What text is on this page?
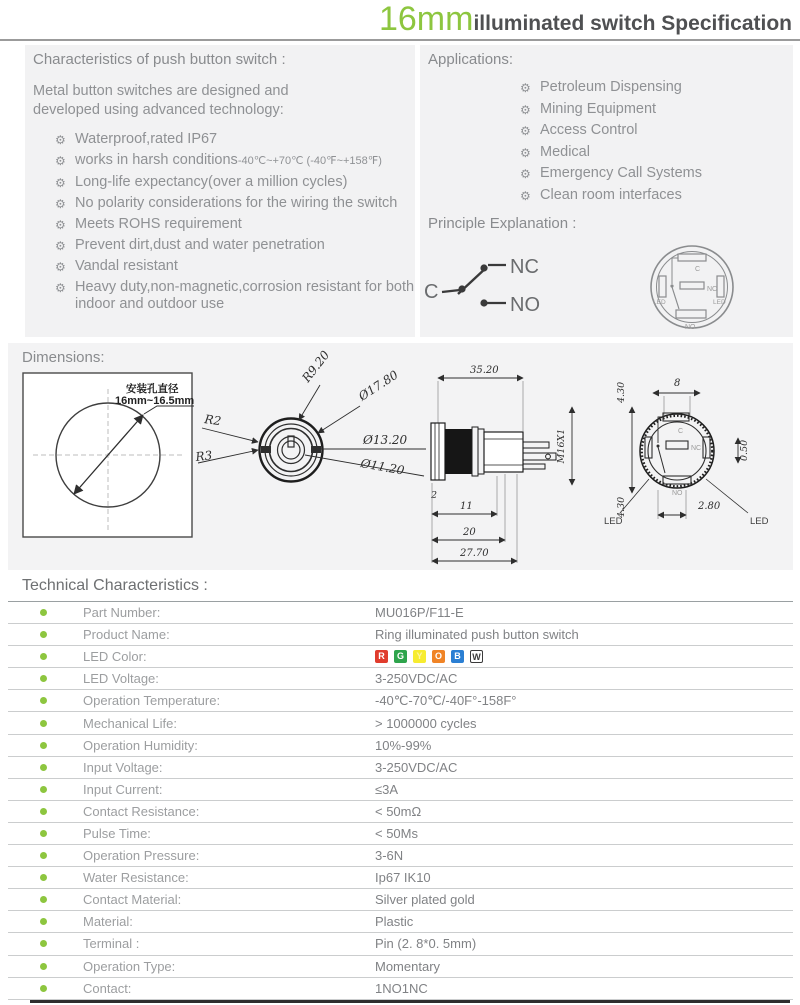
16mmilluminated switch Specification
Characteristics of push button switch :
Metal button switches are designed and
developed using advanced technology:
⚙ Waterproof,rated IP67
⚙ works in harsh conditions-40℃~+70℃ (-40℉~+158℉)
⚙ Long-life expectancy(over a million cycles)
⚙ No polarity considerations for the wiring the switch
⚙ Meets ROHS requirement
⚙ Prevent dirt,dust and water penetration
⚙ Vandal resistant
⚙ Heavy duty,non-magnetic,corrosion resistant for both indoor and outdoor use
Applications:
⚙ Petroleum Dispensing
⚙ Mining Equipment
⚙ Access Control
⚙ Medical
⚙ Emergency Call Systems
⚙ Clean room interfaces
Principle Explanation :
C
NC
NO
C
NC
NO
LED	LED
Dimensions:
安装孔直径
16mm~16.5mm
R2
R3
R9.20
Ø17.80
Ø13.20
Ø11.20
35.20
M16X1
2
11
20
27.70
8
C
NC
NO
4.30
4.30
0.50
2.80
LED	LED
Technical Characteristics :
Part Number:	MU016P/F11-E
Product Name:	Ring illuminated push button switch
LED Color:	R	G	Y	O	B	W
LED Voltage:	3-250VDC/AC
Operation Temperature:	-40℃-70℃/-40F°-158F°
Mechanical Life:	> 1000000 cycles
Operation Humidity:	10%-99%
Input Voltage:	3-250VDC/AC
Input Current:	≤3A
Contact Resistance:	< 50mΩ
Pulse Time:	< 50Ms
Operation Pressure:	3-6N
Water Resistance:	Ip67 IK10
Contact Material:	Silver plated gold
Material:	Plastic
Terminal :	Pin (2. 8*0. 5mm)
Operation Type:	Momentary
Contact:	1NO1NC
